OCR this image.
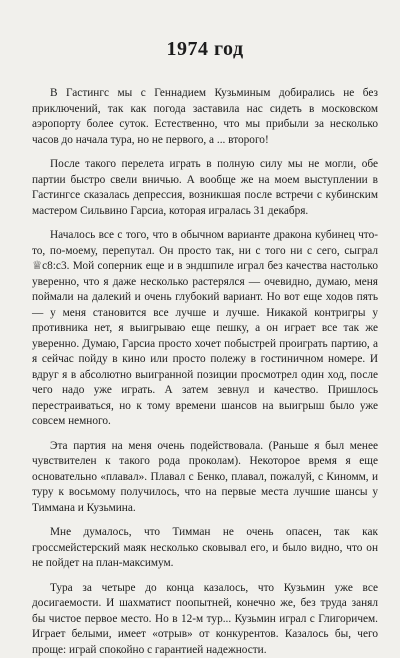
1974 год

В Гастингс мы с Геннадием Кузьминым добирались не без приключений, так как погода заставила нас сидеть в московском аэропорту более суток. Естественно, что мы прибыли за несколько часов до начала тура, но не первого, а ... второго!

После такого перелета играть в полную силу мы не могли, обе партии быстро свели вничью. А вообще же на моем выступлении в Гастингсе сказалась депрессия, возникшая после встречи с кубинским мастером Сильвино Гарсиа, которая игралась 31 декабря.

Началось все с того, что в обычном варианте дракона кубинец что-то, по-моему, перепутал. Он просто так, ни с того ни с сего, сыграл ♕c8:c3. Мой соперник еще и в эндшпиле играл без качества настолько уверенно, что я даже несколько растерялся — очевидно, думаю, меня поймали на далекий и очень глубокий вариант. Но вот еще ходов пять — у меня становится все лучше и лучше. Никакой контригры у противника нет, я выигрываю еще пешку, а он играет все так же уверенно. Думаю, Гарсиа просто хочет побыстрей проиграть партию, а я сейчас пойду в кино или просто полежу в гостиничном номере. И вдруг я в абсолютно выигранной позиции просмотрел один ход, после чего надо уже играть. А затем зевнул и качество. Пришлось перестраиваться, но к тому времени шансов на выигрыш было уже совсем немного.

Эта партия на меня очень подействовала. (Раньше я был менее чувствителен к такого рода проколам). Некоторое время я еще основательно «плавал». Плавал с Бенко, плавал, пожалуй, с Киномм, и туру к восьмому получилось, что на первые места лучшие шансы у Тиммана и Кузьмина.

Мне думалось, что Тимман не очень опасен, так как гроссмейстерский маяк несколько сковывал его, и было видно, что он не пойдет на план-максимум.

Тура за четыре до конца казалось, что Кузьмин уже все досигаемости. И шахматист поопытней, конечно же, без труда занял бы чистое первое место. Но в 12-м тур... Кузьмин играл с Глигоричем. Играет белыми, имеет «отрыв» от конкурентов. Казалось бы, чего проще: играй спокойно с гарантией надежности.
